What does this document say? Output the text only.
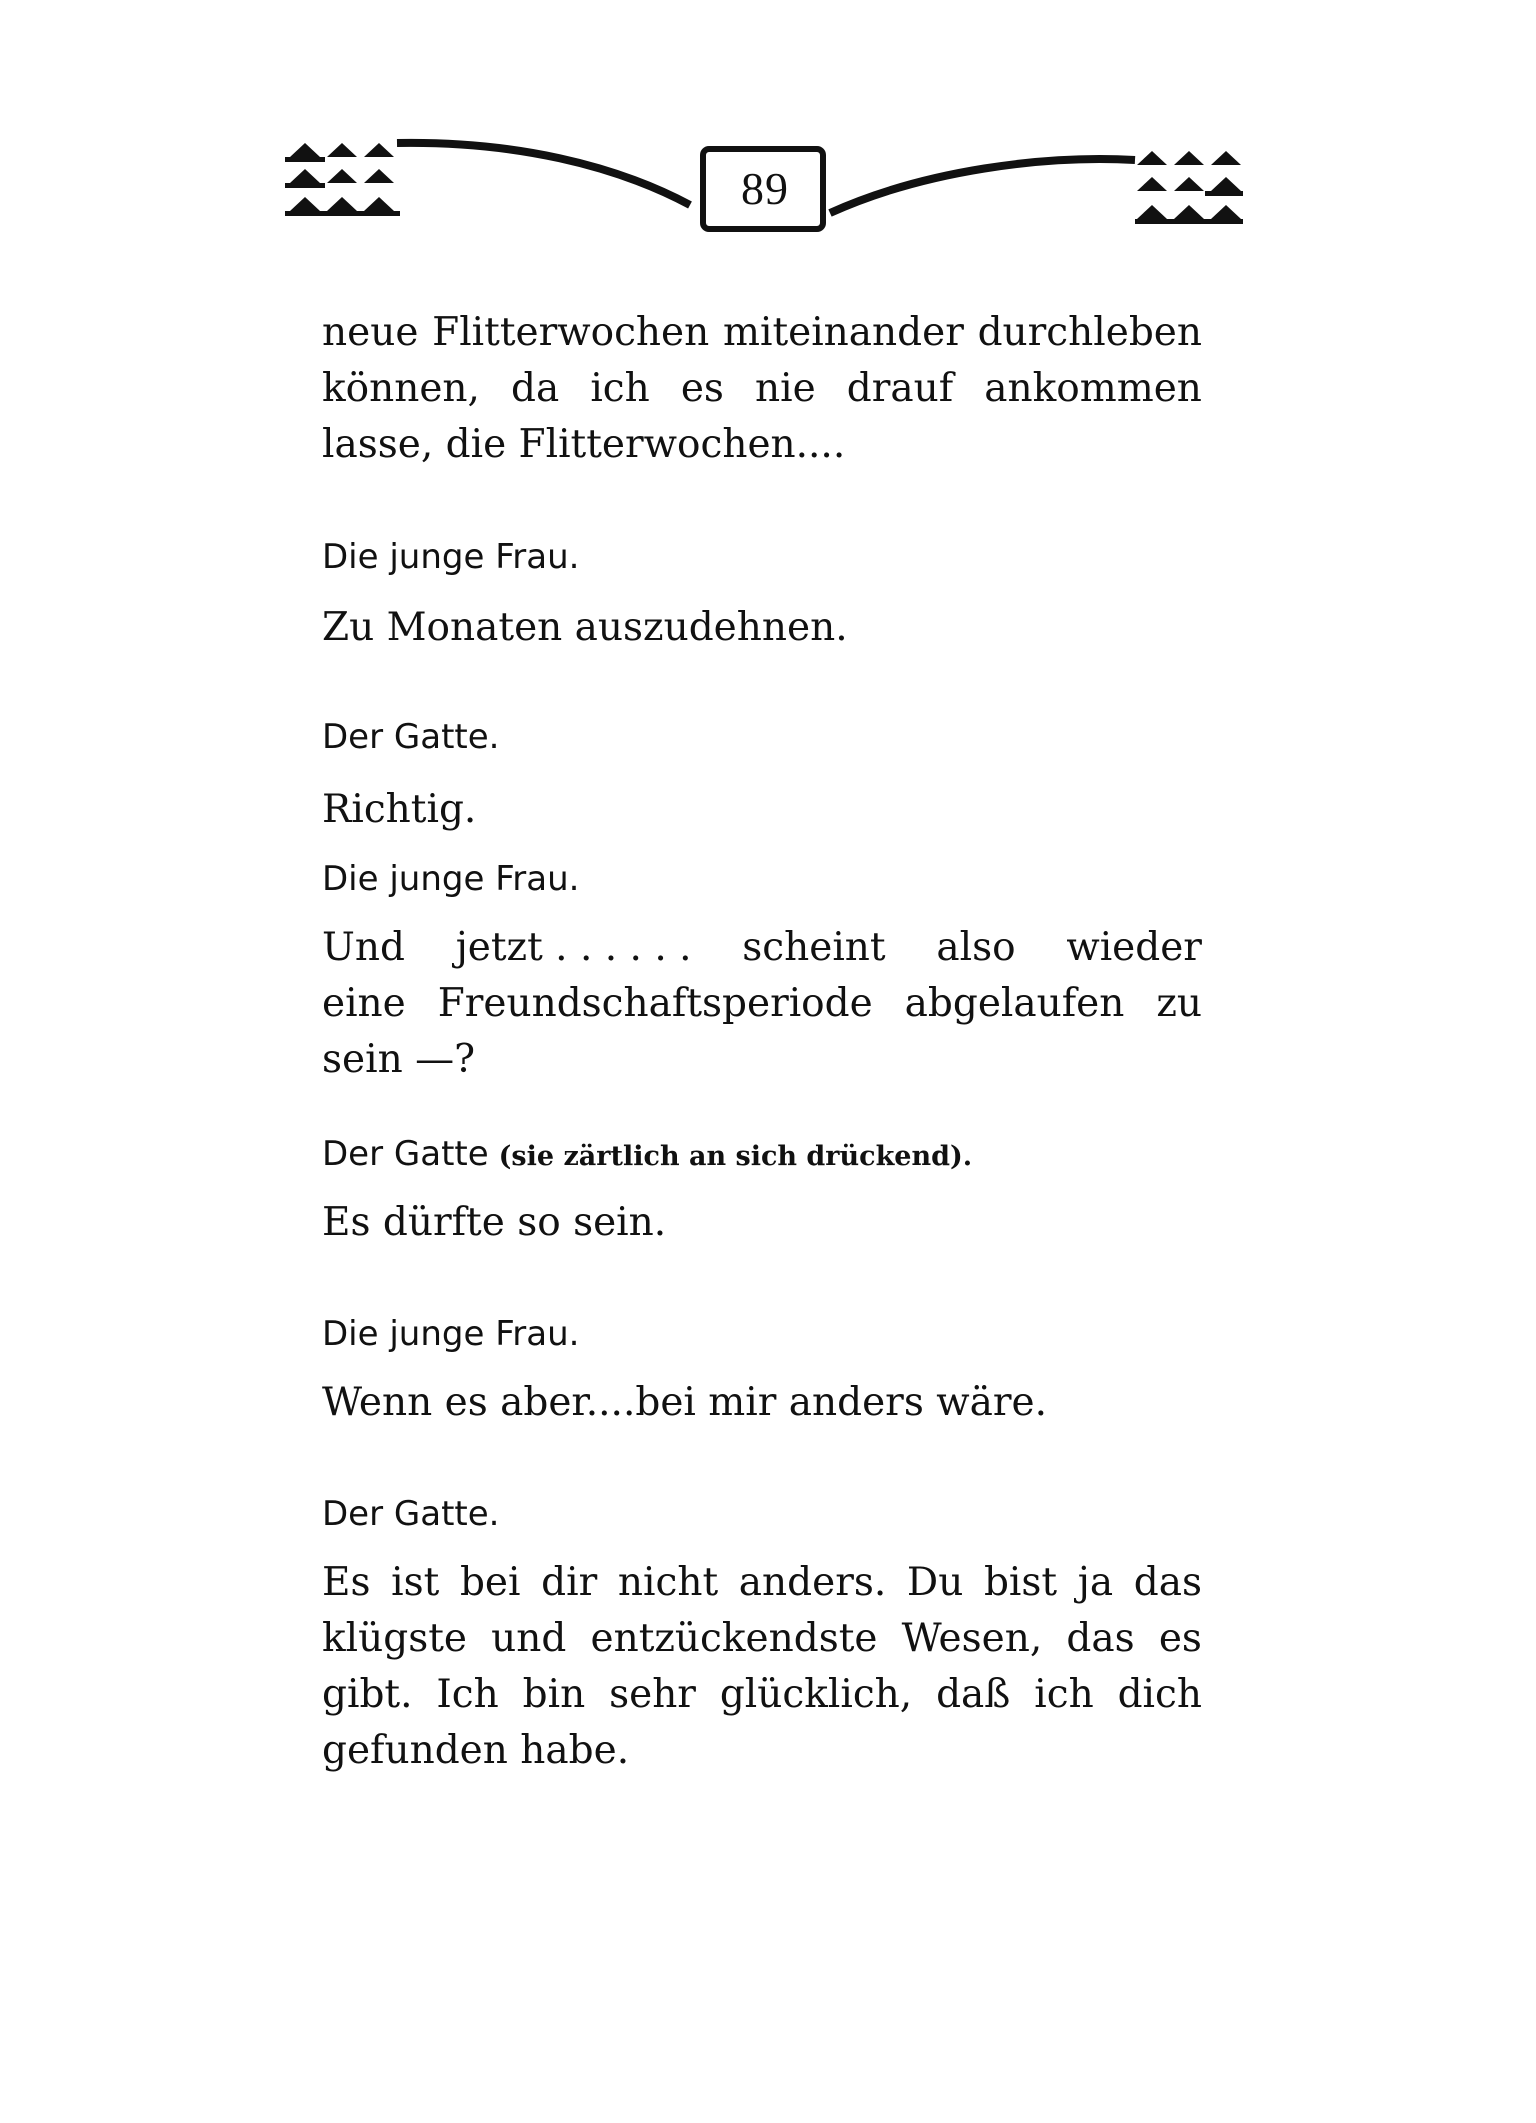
89
neue Flitterwochen miteinander durchleben
können, da ich es nie drauf ankommen
lasse, die Flitterwochen....
Die junge Frau.
Zu Monaten auszudehnen.
Der Gatte.
Richtig.
Die junge Frau.
Und jetzt . . . . . . scheint also wieder
eine Freundschaftsperiode abgelaufen zu
sein —?
Der Gatte (sie zärtlich an sich drückend).
Es dürfte so sein.
Die junge Frau.
Wenn es aber....bei mir anders wäre.
Der Gatte.
Es ist bei dir nicht anders. Du bist ja das
klügste und entzückendste Wesen, das es
gibt. Ich bin sehr glücklich, daß ich dich
gefunden habe.
